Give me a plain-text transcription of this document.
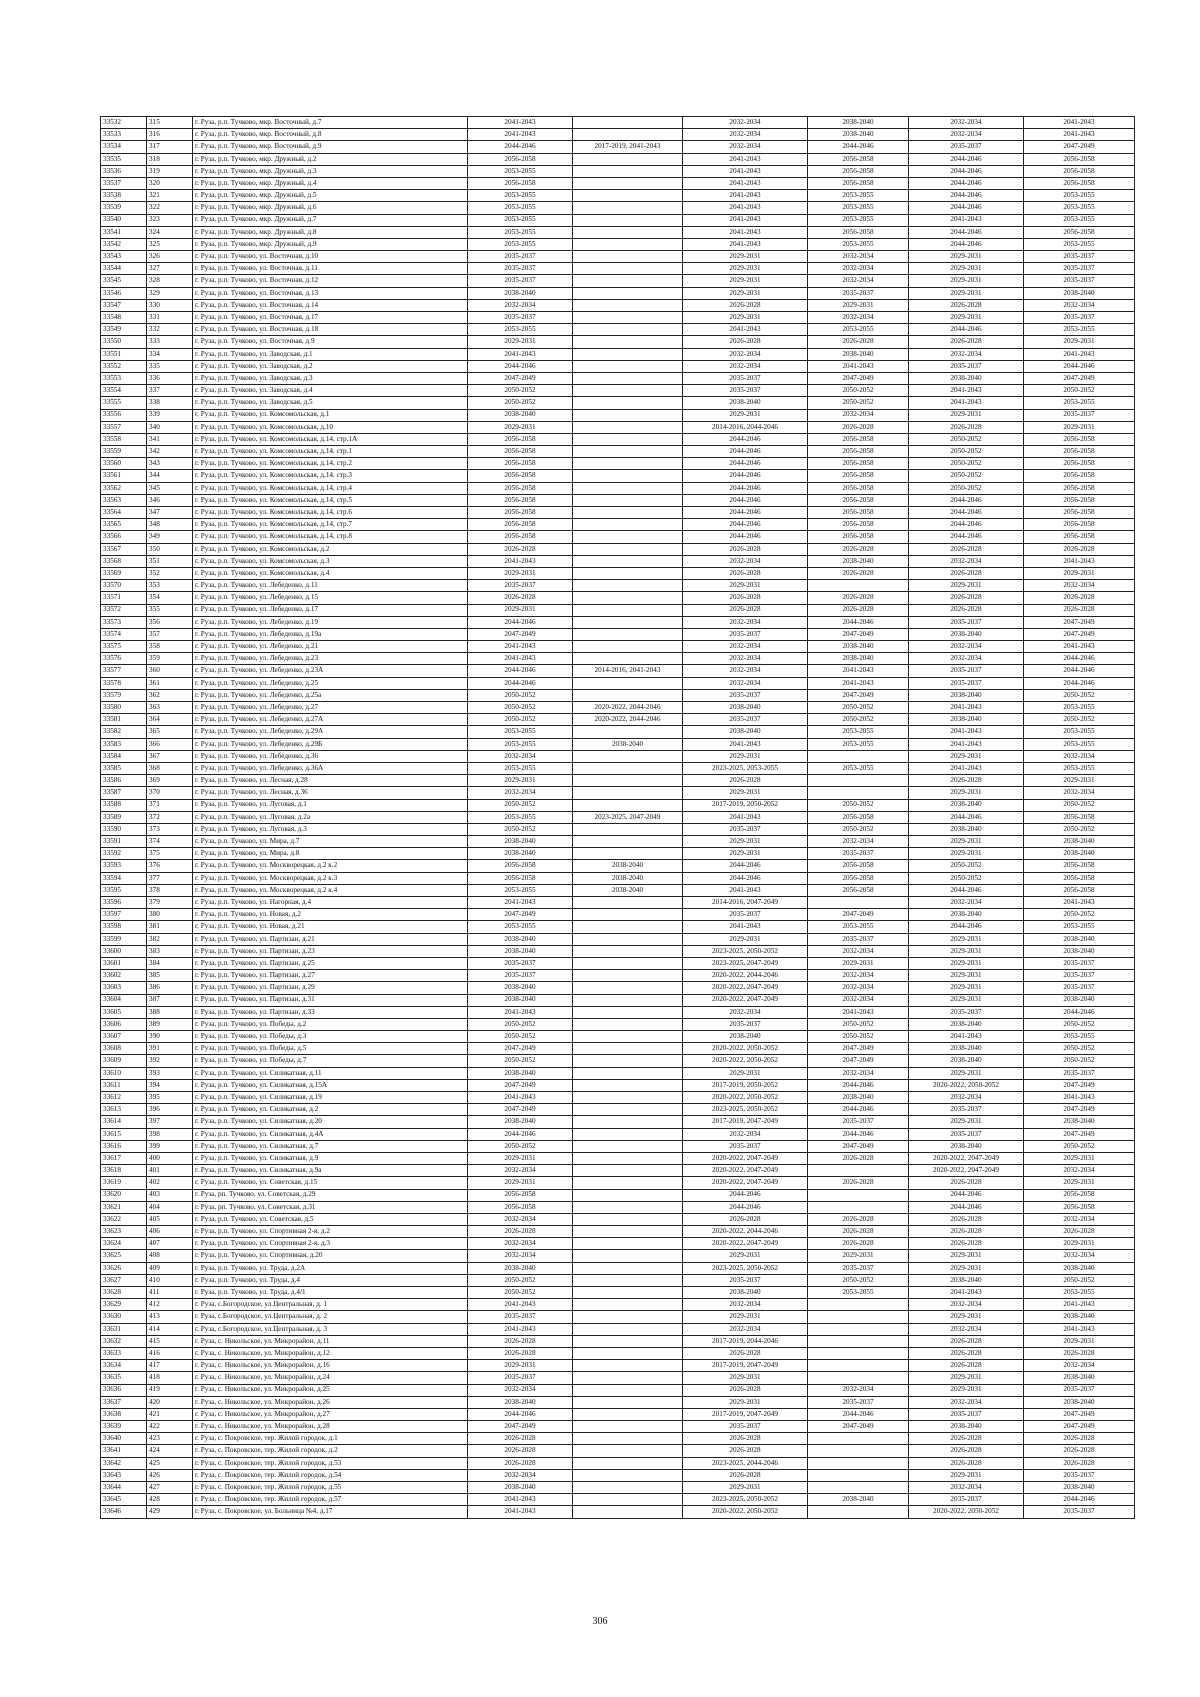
33532	315	г. Руза, р.п. Тучково, мкр. Восточный, д.7	2041-2043		2032-2034	2038-2040	2032-2034	2041-2043
33533	316	г. Руза, р.п. Тучково, мкр. Восточный, д.8	2041-2043		2032-2034	2038-2040	2032-2034	2041-2043
33534	317	г. Руза, р.п. Тучково, мкр. Восточный, д.9	2044-2046	2017-2019, 2041-2043	2032-2034	2044-2046	2035-2037	2047-2049
33535	318	г. Руза, р.п. Тучково, мкр. Дружный, д.2	2056-2058		2041-2043	2056-2058	2044-2046	2056-2058
33536	319	г. Руза, р.п. Тучково, мкр. Дружный, д.3	2053-2055		2041-2043	2056-2058	2044-2046	2056-2058
33537	320	г. Руза, р.п. Тучково, мкр. Дружный, д.4	2056-2058		2041-2043	2056-2058	2044-2046	2056-2058
33538	321	г. Руза, р.п. Тучково, мкр. Дружный, д.5	2053-2055		2041-2043	2053-2055	2044-2046	2053-2055
33539	322	г. Руза, р.п. Тучково, мкр. Дружный, д.6	2053-2055		2041-2043	2053-2055	2044-2046	2053-2055
33540	323	г. Руза, р.п. Тучково, мкр. Дружный, д.7	2053-2055		2041-2043	2053-2055	2041-2043	2053-2055
33541	324	г. Руза, р.п. Тучково, мкр. Дружный, д.8	2053-2055		2041-2043	2056-2058	2044-2046	2056-2058
33542	325	г. Руза, р.п. Тучково, мкр. Дружный, д.9	2053-2055		2041-2043	2053-2055	2044-2046	2053-2055
33543	326	г. Руза, р.п. Тучково, ул. Восточная, д.10	2035-2037		2029-2031	2032-2034	2029-2031	2035-2037
33544	327	г. Руза, р.п. Тучково, ул. Восточная, д.11	2035-2037		2029-2031	2032-2034	2029-2031	2035-2037
33545	328	г. Руза, р.п. Тучково, ул. Восточная, д.12	2035-2037		2029-2031	2032-2034	2029-2031	2035-2037
33546	329	г. Руза, р.п. Тучково, ул. Восточная, д.13	2038-2040		2029-2031	2035-2037	2029-2031	2038-2040
33547	330	г. Руза, р.п. Тучково, ул. Восточная, д.14	2032-2034		2026-2028	2029-2031	2026-2028	2032-2034
33548	331	г. Руза, р.п. Тучково, ул. Восточная, д.17	2035-2037		2029-2031	2032-2034	2029-2031	2035-2037
33549	332	г. Руза, р.п. Тучково, ул. Восточная, д.18	2053-2055		2041-2043	2053-2055	2044-2046	2053-2055
33550	333	г. Руза, р.п. Тучково, ул. Восточная, д.9	2029-2031		2026-2028	2026-2028	2026-2028	2029-2031
33551	334	г. Руза, р.п. Тучково, ул. Заводская, д.1	2041-2043		2032-2034	2038-2040	2032-2034	2041-2043
33552	335	г. Руза, р.п. Тучково, ул. Заводская, д.2	2044-2046		2032-2034	2041-2043	2035-2037	2044-2046
33553	336	г. Руза, р.п. Тучково, ул. Заводская, д.3	2047-2049		2035-2037	2047-2049	2038-2040	2047-2049
33554	337	г. Руза, р.п. Тучково, ул. Заводская, д.4	2050-2052		2035-2037	2050-2052	2041-2043	2050-2052
33555	338	г. Руза, р.п. Тучково, ул. Заводская, д.5	2050-2052		2038-2040	2050-2052	2041-2043	2053-2055
33556	339	г. Руза, р.п. Тучково, ул. Комсомольская, д.1	2038-2040		2029-2031	2032-2034	2029-2031	2035-2037
33557	340	г. Руза, р.п. Тучково, ул. Комсомольская, д.10	2029-2031		2014-2016, 2044-2046	2026-2028	2026-2028	2029-2031
33558	341	г. Руза, р.п. Тучково, ул. Комсомольская, д.14, стр.1А	2056-2058		2044-2046	2056-2058	2050-2052	2056-2058
33559	342	г. Руза, р.п. Тучково, ул. Комсомольская, д.14, стр.1	2056-2058		2044-2046	2056-2058	2050-2052	2056-2058
33560	343	г. Руза, р.п. Тучково, ул. Комсомольская, д.14, стр.2	2056-2058		2044-2046	2056-2058	2050-2052	2056-2058
33561	344	г. Руза, р.п. Тучково, ул. Комсомольская, д.14, стр.3	2056-2058		2044-2046	2056-2058	2050-2052	2056-2058
33562	345	г. Руза, р.п. Тучково, ул. Комсомольская, д.14, стр.4	2056-2058		2044-2046	2056-2058	2050-2052	2056-2058
33563	346	г. Руза, р.п. Тучково, ул. Комсомольская, д.14, стр.5	2056-2058		2044-2046	2056-2058	2044-2046	2056-2058
33564	347	г. Руза, р.п. Тучково, ул. Комсомольская, д.14, стр.6	2056-2058		2044-2046	2056-2058	2044-2046	2056-2058
33565	348	г. Руза, р.п. Тучково, ул. Комсомольская, д.14, стр.7	2056-2058		2044-2046	2056-2058	2044-2046	2056-2058
33566	349	г. Руза, р.п. Тучково, ул. Комсомольская, д.14, стр.8	2056-2058		2044-2046	2056-2058	2044-2046	2056-2058
33567	350	г. Руза, р.п. Тучково, ул. Комсомольская, д.2	2026-2028		2026-2028	2026-2028	2026-2028	2026-2028
33568	351	г. Руза, р.п. Тучково, ул. Комсомольская, д.3	2041-2043		2032-2034	2038-2040	2032-2034	2041-2043
33569	352	г. Руза, р.п. Тучково, ул. Комсомольская, д.4	2029-2031		2026-2028	2026-2028	2026-2028	2029-2031
33570	353	г. Руза, р.п. Тучково, ул. Лебеденко, д.11	2035-2037		2029-2031		2029-2031	2032-2034
33571	354	г. Руза, р.п. Тучково, ул. Лебеденко, д.15	2026-2028		2026-2028	2026-2028	2026-2028	2026-2028
33572	355	г. Руза, р.п. Тучково, ул. Лебеденко, д.17	2029-2031		2026-2028	2026-2028	2026-2028	2026-2028
33573	356	г. Руза, р.п. Тучково, ул. Лебеденко, д.19	2044-2046		2032-2034	2044-2046	2035-2037	2047-2049
33574	357	г. Руза, р.п. Тучково, ул. Лебеденко, д.19а	2047-2049		2035-2037	2047-2049	2038-2040	2047-2049
33575	358	г. Руза, р.п. Тучково, ул. Лебеденко, д.21	2041-2043		2032-2034	2038-2040	2032-2034	2041-2043
33576	359	г. Руза, р.п. Тучково, ул. Лебеденко, д.23	2041-2043		2032-2034	2038-2040	2032-2034	2044-2046
33577	360	г. Руза, р.п. Тучково, ул. Лебеденко, д.23А	2044-2046	2014-2016, 2041-2043	2032-2034	2041-2043	2035-2037	2044-2046
33578	361	г. Руза, р.п. Тучково, ул. Лебеденко, д.25	2044-2046		2032-2034	2041-2043	2035-2037	2044-2046
33579	362	г. Руза, р.п. Тучково, ул. Лебеденко, д.25а	2050-2052		2035-2037	2047-2049	2038-2040	2050-2052
33580	363	г. Руза, р.п. Тучково, ул. Лебеденко, д.27	2050-2052	2020-2022, 2044-2046	2038-2040	2050-2052	2041-2043	2053-2055
33581	364	г. Руза, р.п. Тучково, ул. Лебеденко, д.27А	2050-2052	2020-2022, 2044-2046	2035-2037	2050-2052	2038-2040	2050-2052
33582	365	г. Руза, р.п. Тучково, ул. Лебеденко, д.29А	2053-2055		2038-2040	2053-2055	2041-2043	2053-2055
33583	366	г. Руза, р.п. Тучково, ул. Лебеденко, д.29Б	2053-2055	2038-2040	2041-2043	2053-2055	2041-2043	2053-2055
33584	367	г. Руза, р.п. Тучково, ул. Лебеденко, д.36	2032-2034		2029-2031		2029-2031	2032-2034
33585	368	г. Руза, р.п. Тучково, ул. Лебеденко, д.36А	2053-2055		2023-2025, 2053-2055	2053-2055	2041-2043	2053-2055
33586	369	г. Руза, р.п. Тучково, ул. Лесная, д.28	2029-2031		2026-2028		2026-2028	2029-2031
33587	370	г. Руза, р.п. Тучково, ул. Лесная, д.36	2032-2034		2029-2031		2029-2031	2032-2034
33588	371	г. Руза, р.п. Тучково, ул. Луговая, д.1	2050-2052		2017-2019, 2050-2052	2050-2052	2038-2040	2050-2052
33589	372	г. Руза, р.п. Тучково, ул. Луговая, д.2а	2053-2055	2023-2025, 2047-2049	2041-2043	2056-2058	2044-2046	2056-2058
33590	373	г. Руза, р.п. Тучково, ул. Луговая, д.3	2050-2052		2035-2037	2050-2052	2038-2040	2050-2052
33591	374	г. Руза, р.п. Тучково, ул. Мира, д.7	2038-2040		2029-2031	2032-2034	2029-2031	2038-2040
33592	375	г. Руза, р.п. Тучково, ул. Мира, д.8	2038-2040		2029-2031	2035-2037	2029-2031	2038-2040
33593	376	г. Руза, р.п. Тучково, ул. Москворецкая, д.2 к.2	2056-2058	2038-2040	2044-2046	2056-2058	2050-2052	2056-2058
33594	377	г. Руза, р.п. Тучково, ул. Москворецкая, д.2 к.3	2056-2058	2038-2040	2044-2046	2056-2058	2050-2052	2056-2058
33595	378	г. Руза, р.п. Тучково, ул. Москворецкая, д.2 к.4	2053-2055	2038-2040	2041-2043	2056-2058	2044-2046	2056-2058
33596	379	г. Руза, р.п. Тучково, ул. Нагорная, д.4	2041-2043		2014-2016, 2047-2049		2032-2034	2041-2043
33597	380	г. Руза, р.п. Тучково, ул. Новая, д.2	2047-2049		2035-2037	2047-2049	2038-2040	2050-2052
33598	381	г. Руза, р.п. Тучково, ул. Новая, д.21	2053-2055		2041-2043	2053-2055	2044-2046	2053-2055
33599	382	г. Руза, р.п. Тучково, ул. Партизан, д.21	2038-2040		2029-2031	2035-2037	2029-2031	2038-2040
33600	383	г. Руза, р.п. Тучково, ул. Партизан, д.23	2038-2040		2023-2025, 2050-2052	2032-2034	2029-2031	2038-2040
33601	384	г. Руза, р.п. Тучково, ул. Партизан, д.25	2035-2037		2023-2025, 2047-2049	2029-2031	2029-2031	2035-2037
33602	385	г. Руза, р.п. Тучково, ул. Партизан, д.27	2035-2037		2020-2022, 2044-2046	2032-2034	2029-2031	2035-2037
33603	386	г. Руза, р.п. Тучково, ул. Партизан, д.29	2038-2040		2020-2022, 2047-2049	2032-2034	2029-2031	2035-2037
33604	387	г. Руза, р.п. Тучково, ул. Партизан, д.31	2038-2040		2020-2022, 2047-2049	2032-2034	2029-2031	2038-2040
33605	388	г. Руза, р.п. Тучково, ул. Партизан, д.33	2041-2043		2032-2034	2041-2043	2035-2037	2044-2046
33606	389	г. Руза, р.п. Тучково, ул. Победы, д.2	2050-2052		2035-2037	2050-2052	2038-2040	2050-2052
33607	390	г. Руза, р.п. Тучково, ул. Победы, д.3	2050-2052		2038-2040	2050-2052	2041-2043	2053-2055
33608	391	г. Руза, р.п. Тучково, ул. Победы, д.5	2047-2049		2020-2022, 2050-2052	2047-2049	2038-2040	2050-2052
33609	392	г. Руза, р.п. Тучково, ул. Победы, д.7	2050-2052		2020-2022, 2050-2052	2047-2049	2038-2040	2050-2052
33610	393	г. Руза, р.п. Тучково, ул. Силикатная, д.11	2038-2040		2029-2031	2032-2034	2029-2031	2035-2037
33611	394	г. Руза, р.п. Тучково, ул. Силикатная, д.15А	2047-2049		2017-2019, 2050-2052	2044-2046	2020-2022, 2050-2052	2047-2049
33612	395	г. Руза, р.п. Тучково, ул. Силикатная, д.19	2041-2043		2020-2022, 2050-2052	2038-2040	2032-2034	2041-2043
33613	396	г. Руза, р.п. Тучково, ул. Силикатная, д.2	2047-2049		2023-2025, 2050-2052	2044-2046	2035-2037	2047-2049
33614	397	г. Руза, р.п. Тучково, ул. Силикатная, д.20	2038-2040		2017-2019, 2047-2049	2035-2037	2029-2031	2038-2040
33615	398	г. Руза, р.п. Тучково, ул. Силикатная, д.4А	2044-2046		2032-2034	2044-2046	2035-2037	2047-2049
33616	399	г. Руза, р.п. Тучково, ул. Силикатная, д.7	2050-2052		2035-2037	2047-2049	2038-2040	2050-2052
33617	400	г. Руза, р.п. Тучково, ул. Силикатная, д.9	2029-2031		2020-2022, 2047-2049	2026-2028	2020-2022, 2047-2049	2029-2031
33618	401	г. Руза, р.п. Тучково, ул. Силикатная, д.9а	2032-2034		2020-2022, 2047-2049		2020-2022, 2047-2049	2032-2034
33619	402	г. Руза, р.п. Тучково, ул. Советская, д.15	2029-2031		2020-2022, 2047-2049	2026-2028	2026-2028	2029-2031
33620	403	г. Руза, рп. Тучково, ул. Советская, д.29	2056-2058		2044-2046		2044-2046	2056-2058
33621	404	г. Руза, рп. Тучково, ул. Советская, д.31	2056-2058		2044-2046		2044-2046	2056-2058
33622	405	г. Руза, р.п. Тучково, ул. Советская, д.5	2032-2034		2026-2028	2026-2028	2026-2028	2032-2034
33623	406	г. Руза, р.п. Тучково, ул. Спортивная 2-я, д.2	2026-2028		2020-2022, 2044-2046	2026-2028	2026-2028	2026-2028
33624	407	г. Руза, р.п. Тучково, ул. Спортивная 2-я, д.3	2032-2034		2020-2022, 2047-2049	2026-2028	2026-2028	2029-2031
33625	408	г. Руза, р.п. Тучково, ул. Спортивная, д.20	2032-2034		2029-2031	2029-2031	2029-2031	2032-2034
33626	409	г. Руза, р.п. Тучково, ул. Труда, д.2А	2038-2040		2023-2025, 2050-2052	2035-2037	2029-2031	2038-2040
33627	410	г. Руза, р.п. Тучково, ул. Труда, д.4	2050-2052		2035-2037	2050-2052	2038-2040	2050-2052
33628	411	г. Руза, р.п. Тучково, ул. Труда, д.4/1	2050-2052		2038-2040	2053-2055	2041-2043	2053-2055
33629	412	г. Руза, с.Богородское, ул.Центральная, д. 1	2041-2043		2032-2034		2032-2034	2041-2043
33630	413	г. Руза, с.Богородское, ул.Центральная, д. 2	2035-2037		2029-2031		2029-2031	2038-2040
33631	414	г. Руза, с.Богородское, ул.Центральная, д. 3	2041-2043		2032-2034		2032-2034	2041-2043
33632	415	г. Руза, с. Никольское, ул. Микрорайон, д.11	2026-2028		2017-2019, 2044-2046		2026-2028	2029-2031
33633	416	г. Руза, с. Никольское, ул. Микрорайон, д.12	2026-2028		2026-2028		2026-2028	2026-2028
33634	417	г. Руза, с. Никольское, ул. Микрорайон, д.16	2029-2031		2017-2019, 2047-2049		2026-2028	2032-2034
33635	418	г. Руза, с. Никольское, ул. Микрорайон, д.24	2035-2037		2029-2031		2029-2031	2038-2040
33636	419	г. Руза, с. Никольское, ул. Микрорайон, д.25	2032-2034		2026-2028	2032-2034	2029-2031	2035-2037
33637	420	г. Руза, с. Никольское, ул. Микрорайон, д.26	2038-2040		2029-2031	2035-2037	2032-2034	2038-2040
33638	421	г. Руза, с. Никольское, ул. Микрорайон, д.27	2044-2046		2017-2019, 2047-2049	2044-2046	2035-2037	2047-2049
33639	422	г. Руза, с. Никольское, ул. Микрорайон, д.28	2047-2049		2035-2037	2047-2049	2038-2040	2047-2049
33640	423	г. Руза, с. Покровское, тер. Жилой городок, д.1	2026-2028		2026-2028		2026-2028	2026-2028
33641	424	г. Руза, с. Покровское, тер. Жилой городок, д.2	2026-2028		2026-2028		2026-2028	2026-2028
33642	425	г. Руза, с. Покровское, тер. Жилой городок, д.53	2026-2028		2023-2025, 2044-2046		2026-2028	2026-2028
33643	426	г. Руза, с. Покровское, тер. Жилой городок, д.54	2032-2034		2026-2028		2029-2031	2035-2037
33644	427	г. Руза, с. Покровское, тер. Жилой городок, д.55	2038-2040		2029-2031		2032-2034	2038-2040
33645	428	г. Руза, с. Покровское, тер. Жилой городок, д.57	2041-2043		2023-2025, 2050-2052	2038-2040	2035-2037	2044-2046
33646	429	г. Руза, с. Покровское, ул. Больница №4, д.17	2041-2043		2020-2022, 2050-2052		2020-2022, 2050-2052	2035-2037
306
